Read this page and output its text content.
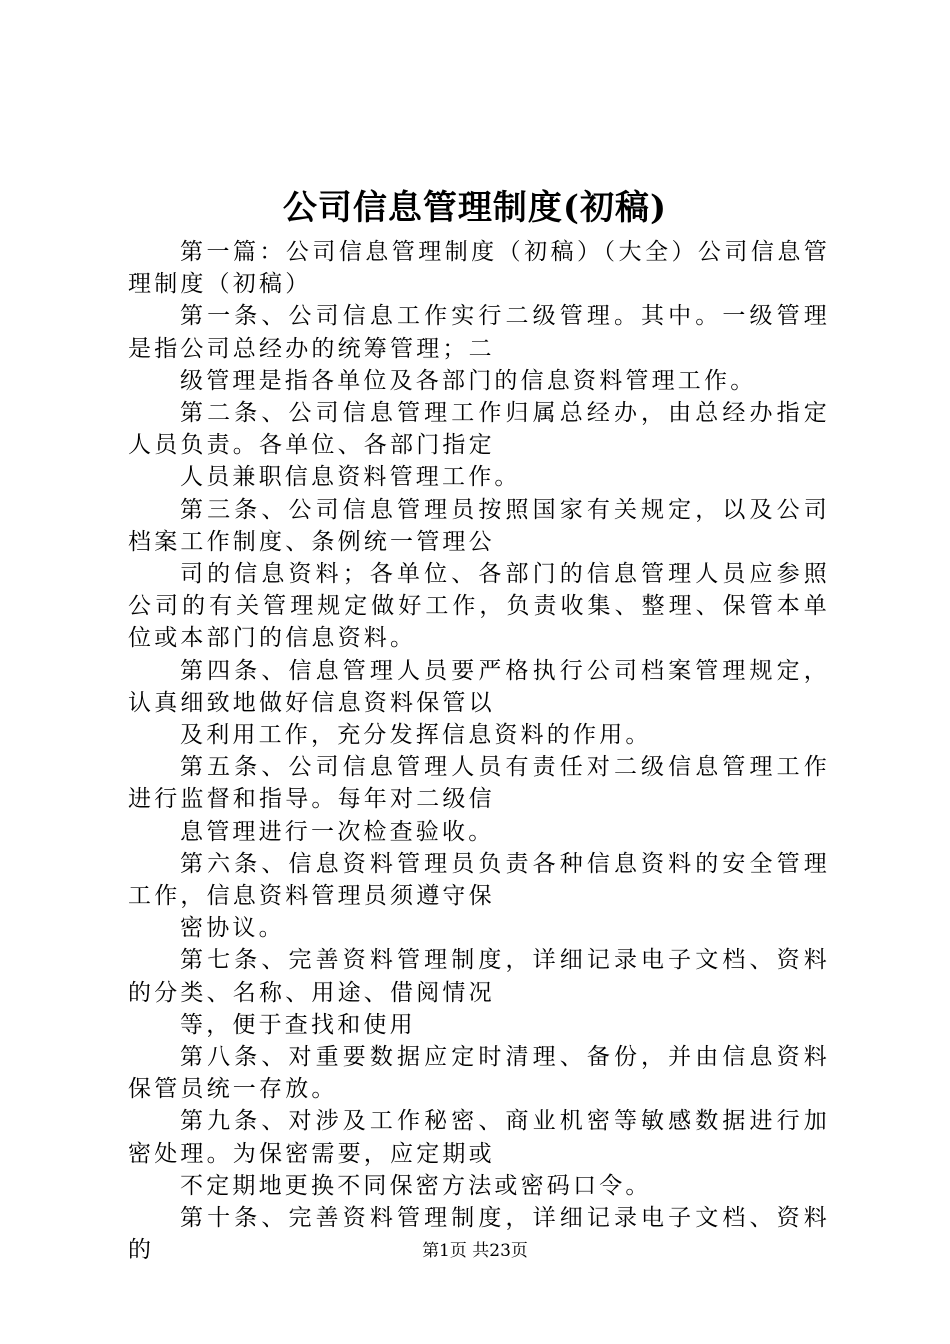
公司信息管理制度(初稿)

第一篇：公司信息管理制度（初稿）（大全）公司信息管理制度（初稿）

第一条、公司信息工作实行二级管理。其中。一级管理是指公司总经办的统筹管理；二

级管理是指各单位及各部门的信息资料管理工作。

第二条、公司信息管理工作归属总经办，由总经办指定人员负责。各单位、各部门指定

人员兼职信息资料管理工作。

第三条、公司信息管理员按照国家有关规定，以及公司档案工作制度、条例统一管理公

司的信息资料；各单位、各部门的信息管理人员应参照公司的有关管理规定做好工作，负责收集、整理、保管本单位或本部门的信息资料。

第四条、信息管理人员要严格执行公司档案管理规定，认真细致地做好信息资料保管以

及利用工作，充分发挥信息资料的作用。

第五条、公司信息管理人员有责任对二级信息管理工作进行监督和指导。每年对二级信

息管理进行一次检查验收。

第六条、信息资料管理员负责各种信息资料的安全管理工作，信息资料管理员须遵守保

密协议。

第七条、完善资料管理制度，详细记录电子文档、资料的分类、名称、用途、借阅情况

等，便于查找和使用

第八条、对重要数据应定时清理、备份，并由信息资料保管员统一存放。

第九条、对涉及工作秘密、商业机密等敏感数据进行加密处理。为保密需要，应定期或

不定期地更换不同保密方法或密码口令。

第十条、完善资料管理制度，详细记录电子文档、资料的	第1页 共23页
